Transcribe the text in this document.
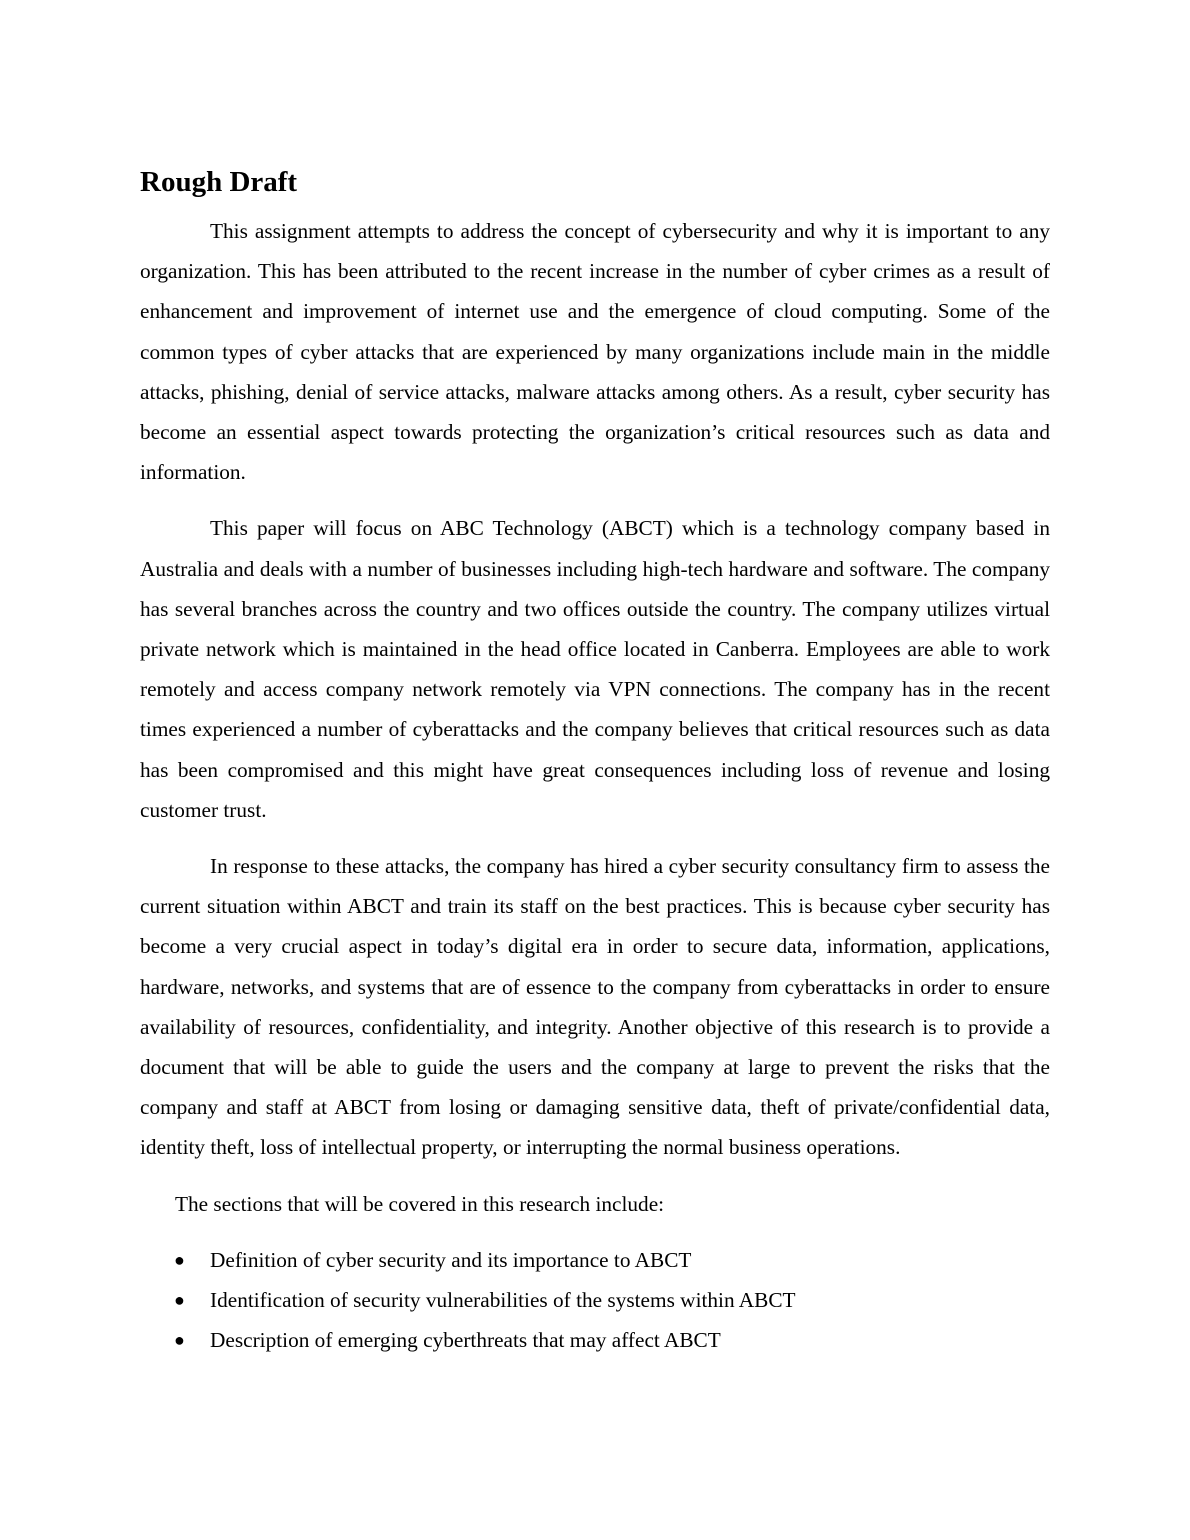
Rough Draft

This assignment attempts to address the concept of cybersecurity and why it is important to any organization. This has been attributed to the recent increase in the number of cyber crimes as a result of enhancement and improvement of internet use and the emergence of cloud computing. Some of the common types of cyber attacks that are experienced by many organizations include main in the middle attacks, phishing, denial of service attacks, malware attacks among others. As a result, cyber security has become an essential aspect towards protecting the organization’s critical resources such as data and information.

This paper will focus on ABC Technology (ABCT) which is a technology company based in Australia and deals with a number of businesses including high-tech hardware and software. The company has several branches across the country and two offices outside the country. The company utilizes virtual private network which is maintained in the head office located in Canberra. Employees are able to work remotely and access company network remotely via VPN connections. The company has in the recent times experienced a number of cyberattacks and the company believes that critical resources such as data has been compromised and this might have great consequences including loss of revenue and losing customer trust.

In response to these attacks, the company has hired a cyber security consultancy firm to assess the current situation within ABCT and train its staff on the best practices. This is because cyber security has become a very crucial aspect in today’s digital era in order to secure data, information, applications, hardware, networks, and systems that are of essence to the company from cyberattacks in order to ensure availability of resources, confidentiality, and integrity. Another objective of this research is to provide a document that will be able to guide the users and the company at large to prevent the risks that the company and staff at ABCT from losing or damaging sensitive data, theft of private/confidential data, identity theft, loss of intellectual property, or interrupting the normal business operations.

The sections that will be covered in this research include:

● Definition of cyber security and its importance to ABCT
● Identification of security vulnerabilities of the systems within ABCT
● Description of emerging cyberthreats that may affect ABCT
